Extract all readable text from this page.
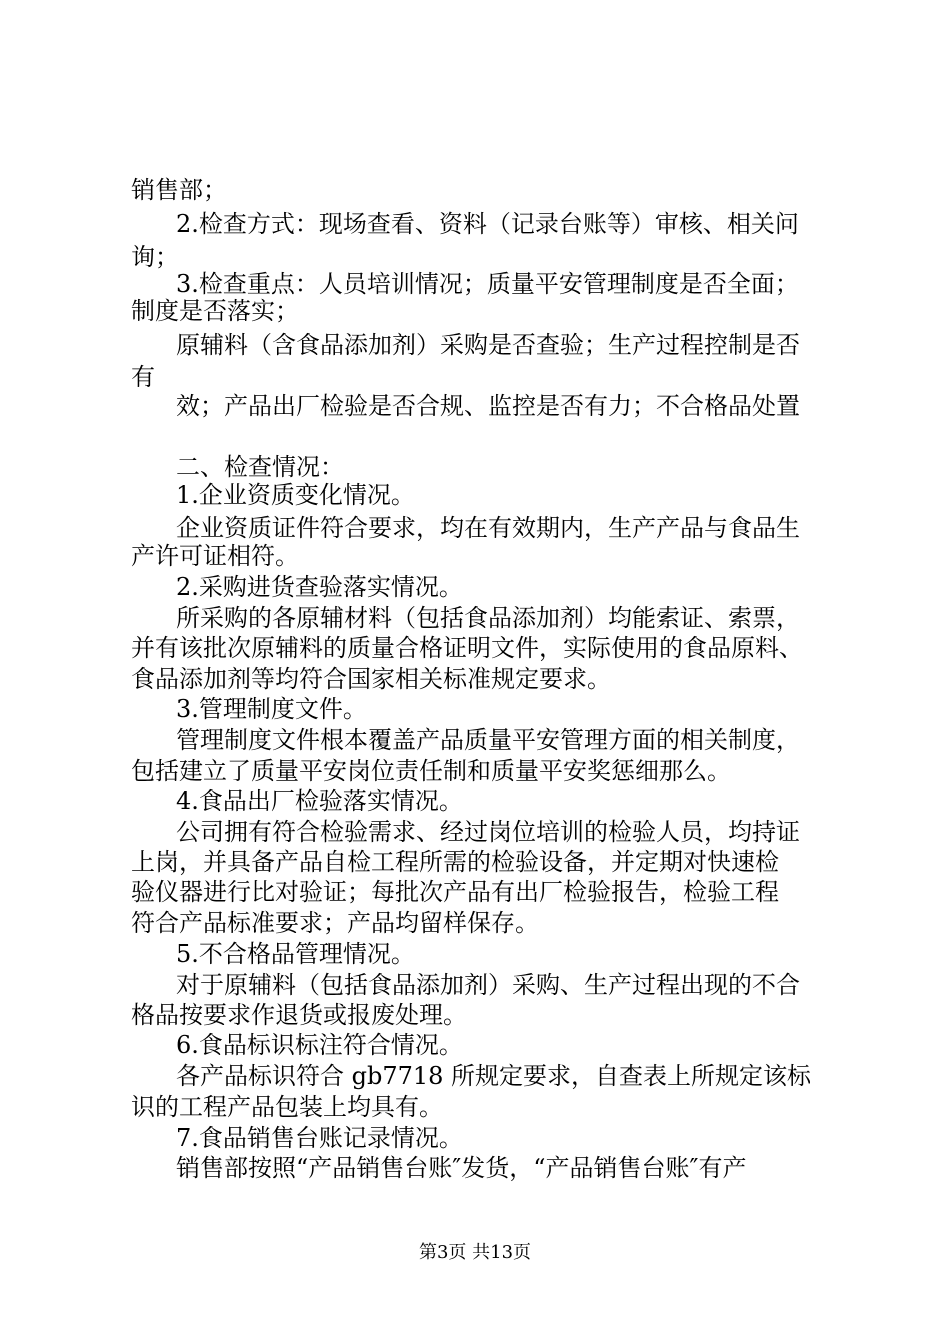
销售部；
2.检查方式：现场查看、资料（记录台账等）审核、相关问
询；
3.检查重点：人员培训情况；质量平安管理制度是否全面；
制度是否落实；
原辅料（含食品添加剂）采购是否查验；生产过程控制是否
有
效；产品出厂检验是否合规、监控是否有力；不合格品处置
二、检查情况：
1.企业资质变化情况。
企业资质证件符合要求，均在有效期内，生产产品与食品生
产许可证相符。
2.采购进货查验落实情况。
所采购的各原辅材料（包括食品添加剂）均能索证、索票，
并有该批次原辅料的质量合格证明文件，实际使用的食品原料、
食品添加剂等均符合国家相关标准规定要求。
3.管理制度文件。
管理制度文件根本覆盖产品质量平安管理方面的相关制度，
包括建立了质量平安岗位责任制和质量平安奖惩细那么。
4.食品出厂检验落实情况。
公司拥有符合检验需求、经过岗位培训的检验人员，均持证
上岗，并具备产品自检工程所需的检验设备，并定期对快速检
验仪器进行比对验证；每批次产品有出厂检验报告，检验工程
符合产品标准要求；产品均留样保存。
5.不合格品管理情况。
对于原辅料（包括食品添加剂）采购、生产过程出现的不合
格品按要求作退货或报废处理。
6.食品标识标注符合情况。
各产品标识符合 gb7718 所规定要求，自查表上所规定该标
识的工程产品包装上均具有。
7.食品销售台账记录情况。
销售部按照“产品销售台账″发货，“产品销售台账″有产
第3页 共13页
